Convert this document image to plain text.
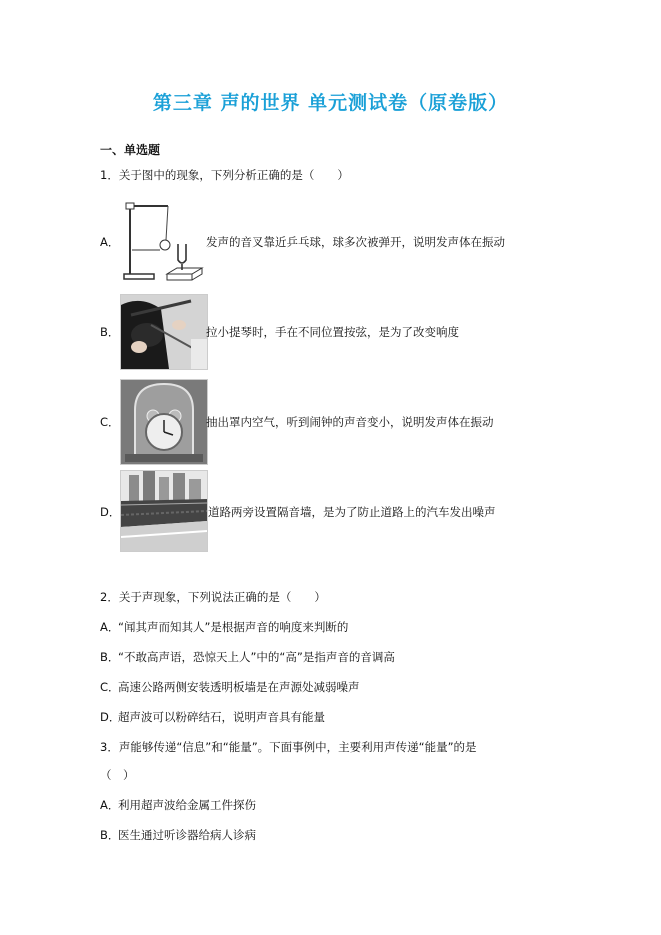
第三章 声的世界 单元测试卷（原卷版）
一、单选题
1．关于图中的现象，下列分析正确的是（　　）
A．	发声的音叉靠近乒乓球，球多次被弹开，说明发声体在振动
B．	拉小提琴时，手在不同位置按弦，是为了改变响度
C．	抽出罩内空气，听到闹钟的声音变小，说明发声体在振动
D．	道路两旁设置隔音墙，是为了防止道路上的汽车发出噪声
2．关于声现象，下列说法正确的是（　　）
A．
“闻其声而知其人”是根据声音的响度来判断的
B．
“不敢高声语，恐惊天上人”中的“高”是指声音的音调高
C．
高速公路两侧安装透明板墙是在声源处减弱噪声
D．
超声波可以粉碎结石，说明声音具有能量
3．声能够传递“信息”和“能量”。下面事例中，主要利用声传递“能量”的是
（　）
A．
利用超声波给金属工件探伤
B．
医生通过听诊器给病人诊病
